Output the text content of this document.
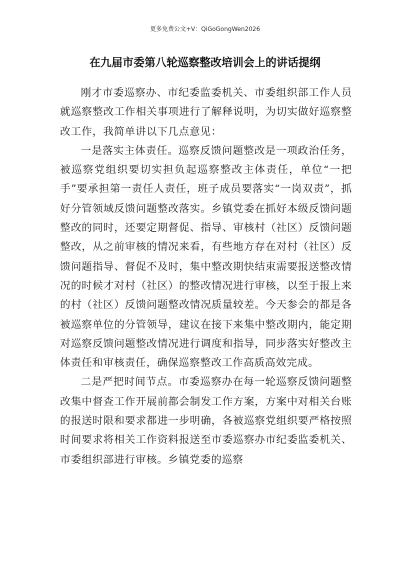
更多免费公文+V：QiGoGongWen2026
在九届市委第八轮巡察整改培训会上的讲话提纲

刚才市委巡察办、市纪委监委机关、市委组织部工作人员就巡察整改工作相关事项进行了解释说明，为切实做好巡察整改工作，我简单讲以下几点意见：

一是落实主体责任。巡察反馈问题整改是一项政治任务，被巡察党组织要切实担负起巡察整改主体责任，单位“一把手”要承担第一责任人责任，班子成员要落实“一岗双责”，抓好分管领域反馈问题整改落实。乡镇党委在抓好本级反馈问题整改的同时，还要定期督促、指导、审核村（社区）反馈问题整改，从之前审核的情况来看，有些地方存在对村（社区）反馈问题指导、督促不及时，集中整改期快结束需要报送整改情况的时候才对村（社区）的整改情况进行审核，以至于报上来的村（社区）反馈问题整改情况质量较差。今天参会的都是各被巡察单位的分管领导，建议在接下来集中整改期内，能定期对巡察反馈问题整改情况进行调度和指导，同步落实好整改主体责任和审核责任，确保巡察整改工作高质高效完成。

二是严把时间节点。市委巡察办在每一轮巡察反馈问题整改集中督查工作开展前都会制发工作方案，方案中对相关台账的报送时限和要求都进一步明确，各被巡察党组织要严格按照时间要求将相关工作资料报送至市委巡察办市纪委监委机关、市委组织部进行审核。乡镇党委的巡察
